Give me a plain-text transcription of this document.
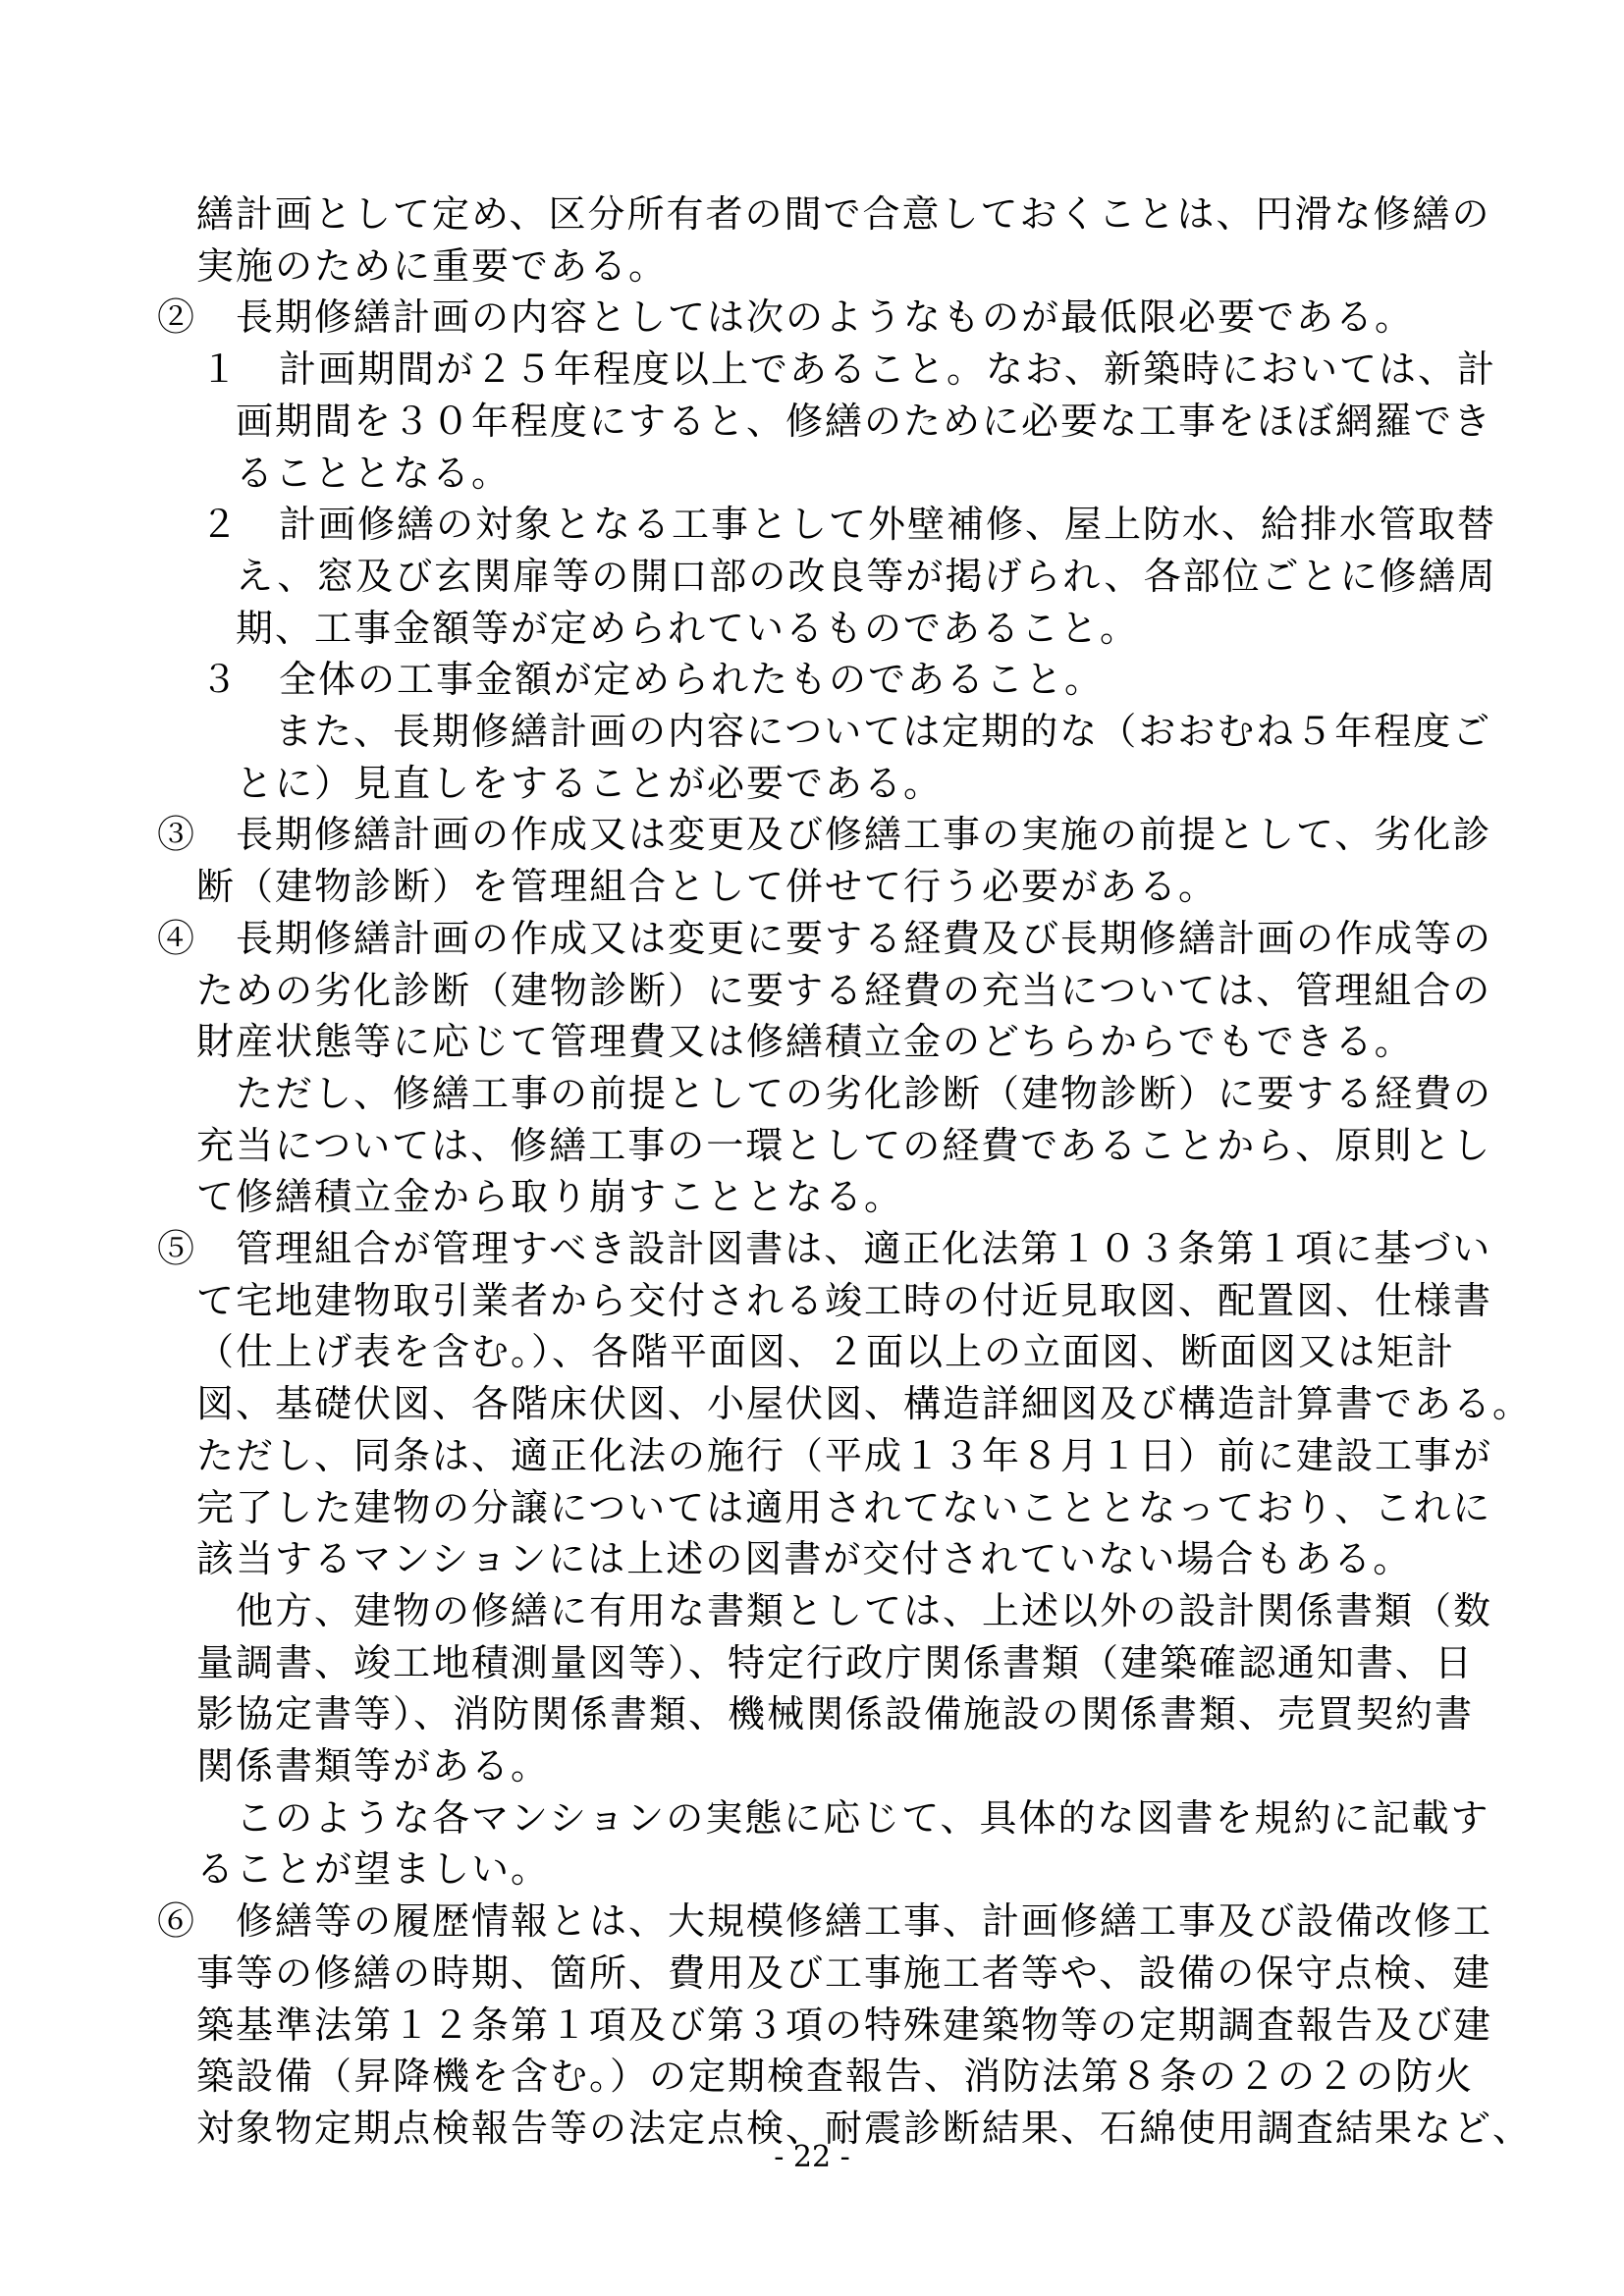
繕計画として定め、区分所有者の間で合意しておくことは、円滑な修繕の
実施のために重要である。
②　長期修繕計画の内容としては次のようなものが最低限必要である。
１　計画期間が２５年程度以上であること。なお、新築時においては、計
画期間を３０年程度にすると、修繕のために必要な工事をほぼ網羅でき
ることとなる。
２　計画修繕の対象となる工事として外壁補修、屋上防水、給排水管取替
え、窓及び玄関扉等の開口部の改良等が掲げられ、各部位ごとに修繕周
期、工事金額等が定められているものであること。
３　全体の工事金額が定められたものであること。
また、長期修繕計画の内容については定期的な（おおむね５年程度ご
とに）見直しをすることが必要である。
③　長期修繕計画の作成又は変更及び修繕工事の実施の前提として、劣化診
断（建物診断）を管理組合として併せて行う必要がある。
④　長期修繕計画の作成又は変更に要する経費及び長期修繕計画の作成等の
ための劣化診断（建物診断）に要する経費の充当については、管理組合の
財産状態等に応じて管理費又は修繕積立金のどちらからでもできる。
ただし、修繕工事の前提としての劣化診断（建物診断）に要する経費の
充当については、修繕工事の一環としての経費であることから、原則とし
て修繕積立金から取り崩すこととなる。
⑤　管理組合が管理すべき設計図書は、適正化法第１０３条第１項に基づい
て宅地建物取引業者から交付される竣工時の付近見取図、配置図、仕様書
（仕上げ表を含む。）、各階平面図、２面以上の立面図、断面図又は矩計
図、基礎伏図、各階床伏図、小屋伏図、構造詳細図及び構造計算書である。
ただし、同条は、適正化法の施行（平成１３年８月１日）前に建設工事が
完了した建物の分譲については適用されてないこととなっており、これに
該当するマンションには上述の図書が交付されていない場合もある。
他方、建物の修繕に有用な書類としては、上述以外の設計関係書類（数
量調書、竣工地積測量図等）、特定行政庁関係書類（建築確認通知書、日
影協定書等）、消防関係書類、機械関係設備施設の関係書類、売買契約書
関係書類等がある。
このような各マンションの実態に応じて、具体的な図書を規約に記載す
ることが望ましい。
⑥　修繕等の履歴情報とは、大規模修繕工事、計画修繕工事及び設備改修工
事等の修繕の時期、箇所、費用及び工事施工者等や、設備の保守点検、建
築基準法第１２条第１項及び第３項の特殊建築物等の定期調査報告及び建
築設備（昇降機を含む。）の定期検査報告、消防法第８条の２の２の防火
対象物定期点検報告等の法定点検、耐震診断結果、石綿使用調査結果など、
- 22 -
